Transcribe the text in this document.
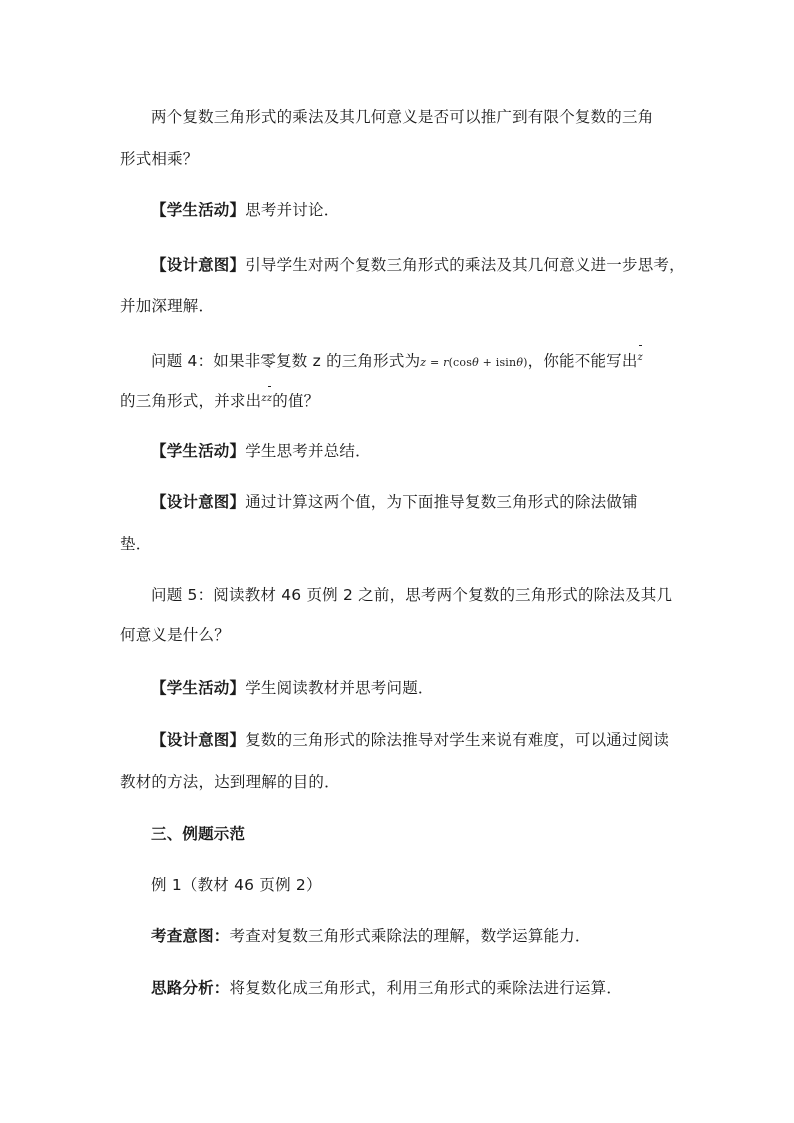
两个复数三角形式的乘法及其几何意义是否可以推广到有限个复数的三角
形式相乘？
【学生活动】思考并讨论．
【设计意图】引导学生对两个复数三角形式的乘法及其几何意义进一步思考，
并加深理解．
问题 4：如果非零复数 z 的三角形式为z = r(cosθ + isinθ)，你能不能写出z
的三角形式，并求出$^{zz}$的值？
【学生活动】学生思考并总结．
【设计意图】通过计算这两个值，为下面推导复数三角形式的除法做铺
垫．
问题 5：阅读教材 46 页例 2 之前，思考两个复数的三角形式的除法及其几
何意义是什么？
【学生活动】学生阅读教材并思考问题．
【设计意图】复数的三角形式的除法推导对学生来说有难度，可以通过阅读
教材的方法，达到理解的目的．
三、例题示范
例 1（教材 46 页例 2）
考查意图：考查对复数三角形式乘除法的理解，数学运算能力．
思路分析：将复数化成三角形式，利用三角形式的乘除法进行运算．
